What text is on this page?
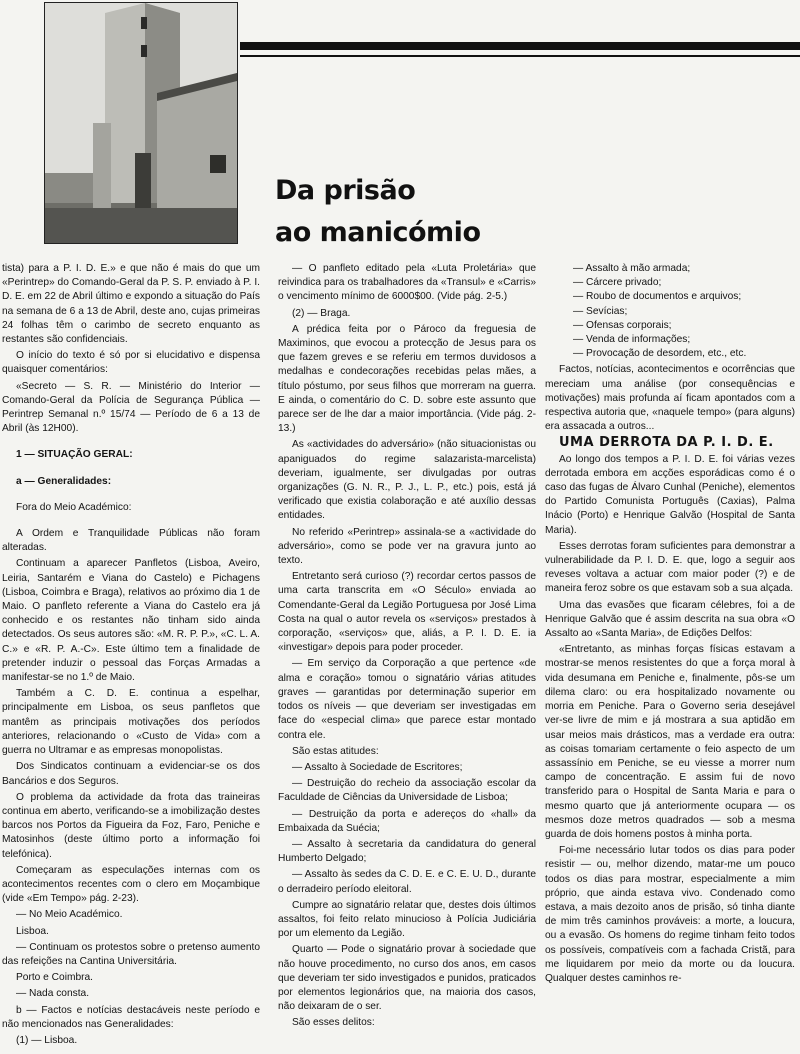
Da prisão
ao manicómio

tista) para a P. I. D. E.» e que não é mais do que um «Perintrep» do Comando-Geral da P. S. P. enviado à P. I. D. E. em 22 de Abril último e expondo a situação do País na semana de 6 a 13 de Abril, deste ano, cujas primeiras 24 folhas têm o carimbo de secreto enquanto as restantes são confidenciais.

O início do texto é só por si elucidativo e dispensa quaisquer comentários:

«Secreto — S. R. — Ministério do Interior — Comando-Geral da Polícia de Segurança Pública — Perintrep Semanal n.º 15/74 — Período de 6 a 13 de Abril (às 12H00).

1 — SITUAÇÃO GERAL:

a — Generalidades:

Fora do Meio Académico:

A Ordem e Tranquilidade Públicas não foram alteradas.

Continuam a aparecer Panfletos (Lisboa, Aveiro, Leiria, Santarém e Viana do Castelo) e Pichagens (Lisboa, Coimbra e Braga), relativos ao próximo dia 1 de Maio. O panfleto referente a Viana do Castelo era já conhecido e os restantes não tinham sido ainda detectados. Os seus autores são: «M. R. P. P.», «C. L. A. C.» e «R. P. A.-C». Este último tem a finalidade de pretender induzir o pessoal das Forças Armadas a manifestar-se no 1.º de Maio.

Também a C. D. E. continua a espelhar, principalmente em Lisboa, os seus panfletos que mantêm as principais motivações dos períodos anteriores, relacionando o «Custo de Vida» com a guerra no Ultramar e as empresas monopolistas.

Dos Sindicatos continuam a evidenciar-se os dos Bancários e dos Seguros.

O problema da actividade da frota das traineiras continua em aberto, verificando-se a imobilização destes barcos nos Portos da Figueira da Foz, Faro, Peniche e Matosinhos (deste último porto a informação foi telefónica).

Começaram as especulações internas com os acontecimentos recentes com o clero em Moçambique (vide «Em Tempo» pág. 2-23).

— No Meio Académico.

Lisboa.

— Continuam os protestos sobre o pretenso aumento das refeições na Cantina Universitária.

Porto e Coimbra.

— Nada consta.

b — Factos e notícias destacáveis neste período e não mencionados nas Generalidades:

(1) — Lisboa.

— O panfleto editado pela «Luta Proletária» que reivindica para os trabalhadores da «Transul» e «Carris» o vencimento mínimo de 6000$00. (Vide pág. 2-5.)

(2) — Braga.

A prédica feita por o Pároco da freguesia de Maximinos, que evocou a protecção de Jesus para os que fazem greves e se referiu em termos duvidosos a medalhas e condecorações recebidas pelas mães, a título póstumo, por seus filhos que morreram na guerra. E ainda, o comentário do C. D. sobre este assunto que parece ser de lhe dar a maior importância. (Vide pág. 2-13.)

As «actividades do adversário» (não situacionistas ou apaniguados do regime salazarista-marcelista) deveriam, igualmente, ser divulgadas por outras organizações (G. N. R., P. J., L. P., etc.) pois, está já verificado que existia colaboração e até auxílio dessas entidades.

No referido «Perintrep» assinala-se a «actividade do adversário», como se pode ver na gravura junto ao texto.

Entretanto será curioso (?) recordar certos passos de uma carta transcrita em «O Século» enviada ao Comendante-Geral da Legião Portuguesa por José Lima Costa na qual o autor revela os «serviços» prestados à corporação, «serviços» que, aliás, a P. I. D. E. ia «investigar» depois para poder proceder.

— Em serviço da Corporação a que pertence «de alma e coração» tomou o signatário várias atitudes graves — garantidas por determinação superior em todos os níveis — que deveriam ser investigadas em face do «especial clima» que parece estar montado contra ele.

São estas atitudes:

— Assalto à Sociedade de Escritores;

— Destruição do recheio da associação escolar da Faculdade de Ciências da Universidade de Lisboa;

— Destruição da porta e adereços do «hall» da Embaixada da Suécia;

— Assalto à secretaria da candidatura do general Humberto Delgado;

— Assalto às sedes da C. D. E. e C. E. U. D., durante o derradeiro período eleitoral.

Cumpre ao signatário relatar que, destes dois últimos assaltos, foi feito relato minucioso à Polícia Judiciária por um elemento da Legião.

Quarto — Pode o signatário provar à sociedade que não houve procedimento, no curso dos anos, em casos que deveriam ter sido investigados e punidos, praticados por elementos legionários que, na maioria dos casos, não deixaram de o ser.

São esses delitos:

— Assalto à mão armada;
— Cárcere privado;
— Roubo de documentos e arquivos;
— Sevícias;
— Ofensas corporais;
— Venda de informações;
— Provocação de desordem, etc., etc.

Factos, notícias, acontecimentos e ocorrências que mereciam uma análise (por consequências e motivações) mais profunda aí ficam apontados com a respectiva autoria que, «naquele tempo» (para alguns) era assacada a outros...

UMA DERROTA DA P. I. D. E.

Ao longo dos tempos a P. I. D. E. foi várias vezes derrotada embora em acções esporádicas como é o caso das fugas de Álvaro Cunhal (Peniche), elementos do Partido Comunista Português (Caxias), Palma Inácio (Porto) e Henrique Galvão (Hospital de Santa Maria).

Esses derrotas foram suficientes para demonstrar a vulnerabilidade da P. I. D. E. que, logo a seguir aos reveses voltava a actuar com maior poder (?) e de maneira feroz sobre os que estavam sob a sua alçada.

Uma das evasões que ficaram célebres, foi a de Henrique Galvão que é assim descrita na sua obra «O Assalto ao «Santa Maria», de Edições Delfos:

«Entretanto, as minhas forças físicas estavam a mostrar-se menos resistentes do que a força moral à vida desumana em Peniche e, finalmente, pôs-se um dilema claro: ou era hospitalizado novamente ou morria em Peniche. Para o Governo seria desejável ver-se livre de mim e já mostrara a sua aptidão em usar meios mais drásticos, mas a verdade era outra: as coisas tomariam certamente o feio aspecto de um assassínio em Peniche, se eu viesse a morrer num campo de concentração. E assim fui de novo transferido para o Hospital de Santa Maria e para o mesmo quarto que já anteriormente ocupara — os mesmos doze metros quadrados — sob a mesma guarda de dois homens postos à minha porta.

Foi-me necessário lutar todos os dias para poder resistir — ou, melhor dizendo, matar-me um pouco todos os dias para mostrar, especialmente a mim próprio, que ainda estava vivo. Condenado como estava, a mais dezoito anos de prisão, só tinha diante de mim três caminhos prováveis: a morte, a loucura, ou a evasão. Os homens do regime tinham feito todos os possíveis, compatíveis com a fachada Cristã, para me liquidarem por meio da morte ou da loucura. Qualquer destes caminhos re-
